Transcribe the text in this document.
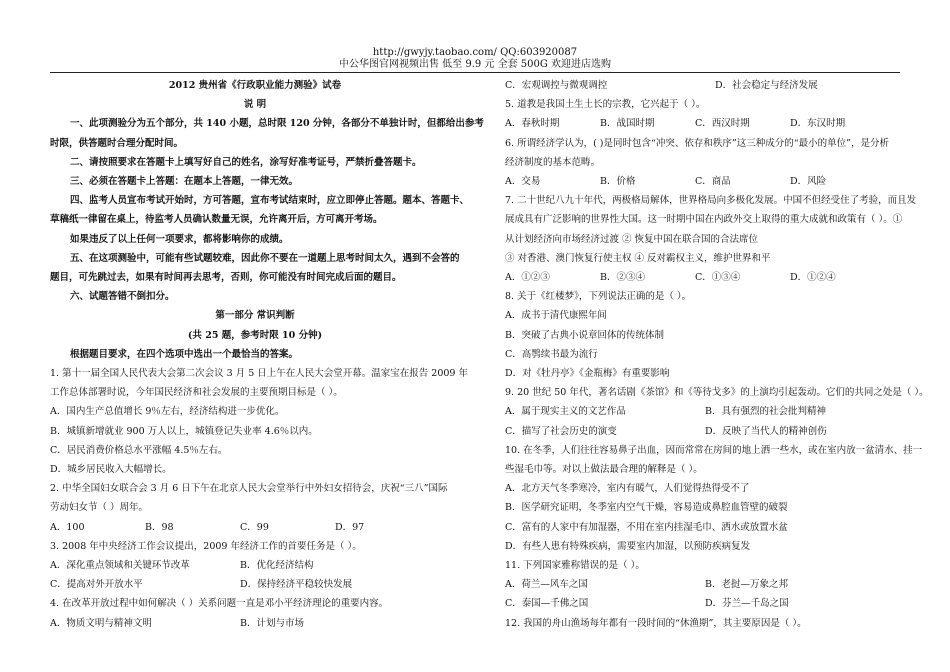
http://gwyjy.taobao.com/ QQ:603920087
中公华图官网视频出售 低至 9.9 元 全套 500G 欢迎进店选购
2012 贵州省《行政职业能力测验》试卷
说 明
一、此项测验分为五个部分，共 140 小题，总时限 120 分钟，各部分不单独计时，但都给出参考
时限，供答题时合理分配时间。
二、请按照要求在答题卡上填写好自己的姓名，涂写好准考证号，严禁折叠答题卡。
三、必须在答题卡上答题：在题本上答题，一律无效。
四、监考人员宣布考试开始时，方可答题，宣布考试结束时，应立即停止答题。题本、答题卡、
草稿纸一律留在桌上，待监考人员确认数量无误，允许离开后，方可离开考场。
如果违反了以上任何一项要求，都将影响你的成绩。
五、在这项测验中，可能有些试题较难，因此你不要在一道题上思考时间太久，遇到不会答的
题目，可先跳过去，如果有时间再去思考，否则，你可能没有时间完成后面的题目。
六、试题答错不倒扣分。
第一部分 常识判断
(共 25 题，参考时限 10 分钟)
根据题目要求，在四个选项中选出一个最恰当的答案。
1. 第十一届全国人民代表大会第二次会议 3 月 5 日上午在人民大会堂开幕。温家宝在报告 2009 年
工作总体部署时说，今年国民经济和社会发展的主要预期目标是（ ）。
A．国内生产总值增长 9％左右，经济结构进一步优化。
B．城镇新增就业 900 万人以上，城镇登记失业率 4.6％以内。
C．居民消费价格总水平涨幅 4.5％左右。
D．城乡居民收入大幅增长。
2. 中华全国妇女联合会 3 月 6 日下午在北京人民大会堂举行中外妇女招待会，庆祝“三八”国际
劳动妇女节（ ）周年。
A．100	B．98	C．99	D．97
3. 2008 年中央经济工作会议提出，2009 年经济工作的首要任务是（ ）。
A．深化重点领域和关键环节改革	B．优化经济结构
C．提高对外开放水平	D．保持经济平稳较快发展
4. 在改革开放过程中如何解决（ ）关系问题一直是邓小平经济理论的重要内容。
A．物质文明与精神文明	B．计划与市场
C．宏观调控与微观调控	D．社会稳定与经济发展
5. 道教是我国土生土长的宗教，它兴起于（ ）。
A．春秋时期	B．战国时期	C．西汉时期	D．东汉时期
6. 所谓经济学认为，( )是同时包含“冲突、依存和秩序”这三种成分的“最小的单位”，是分析
经济制度的基本范畴。
A．交易	B．价格	C．商品	D．风险
7. 二十世纪八九十年代，两极格局解体，世界格局向多极化发展。中国不但经受住了考验，而且发
展成具有广泛影响的世界性大国。这一时期中国在内政外交上取得的重大成就和政策有（ ）。①
从计划经济向市场经济过渡 ② 恢复中国在联合国的合法席位
③ 对香港、澳门恢复行使主权 ④ 反对霸权主义，维护世界和平
A．①②③	B．②③④	C．①③④	D．①②④
8. 关于《红楼梦》，下列说法正确的是（ ）。
A．成书于清代康熙年间
B．突破了古典小说章回体的传统体制
C．高鹗续书最为流行
D．对《牡丹亭》《金瓶梅》有重要影响
9. 20 世纪 50 年代，著名话剧《茶馆》和《等待戈多》的上演均引起轰动。它们的共同之处是（ ）。
A．属于现实主义的文艺作品	B．具有强烈的社会批判精神
C．描写了社会历史的演变	D．反映了当代人的精神创伤
10. 在冬季，人们往往容易鼻子出血，因而常常在房间的地上洒一些水，或在室内放一盆清水、挂一
些湿毛巾等。对以上做法最合理的解释是（ ）。
A．北方天气冬季寒冷，室内有暖气，人们觉得热得受不了
B．医学研究证明，冬季室内空气干燥，容易造成鼻腔血管壁的破裂
C．富有的人家中有加湿器，不用在室内挂湿毛巾、洒水或放置水盆
D．有些人患有特殊疾病，需要室内加湿，以预防疾病复发
11. 下列国家雅称错误的是（ ）。
A．荷兰—风车之国	B．老挝—万象之邦
C．泰国—千佛之国	D．芬兰—千岛之国
12. 我国的舟山渔场每年都有一段时间的“休渔期”，其主要原因是（ ）。
